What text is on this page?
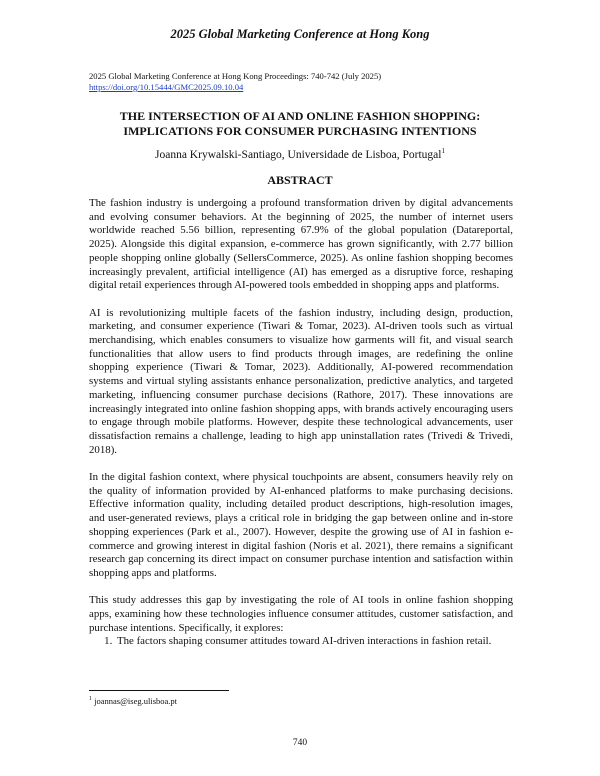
2025 Global Marketing Conference at Hong Kong
2025 Global Marketing Conference at Hong Kong Proceedings: 740-742 (July 2025)
https://doi.org/10.15444/GMC2025.09.10.04
THE INTERSECTION OF AI AND ONLINE FASHION SHOPPING:
IMPLICATIONS FOR CONSUMER PURCHASING INTENTIONS
Joanna Krywalski-Santiago, Universidade de Lisboa, Portugal$^1$
ABSTRACT

The fashion industry is undergoing a profound transformation driven by digital advancements and evolving consumer behaviors. At the beginning of 2025, the number of internet users worldwide reached 5.56 billion, representing 67.9% of the global population (Datareportal, 2025). Alongside this digital expansion, e-commerce has grown significantly, with 2.77 billion people shopping online globally (SellersCommerce, 2025). As online fashion shopping becomes increasingly prevalent, artificial intelligence (AI) has emerged as a disruptive force, reshaping digital retail experiences through AI-powered tools embedded in shopping apps and platforms.

AI is revolutionizing multiple facets of the fashion industry, including design, production, marketing, and consumer experience (Tiwari & Tomar, 2023). AI-driven tools such as virtual merchandising, which enables consumers to visualize how garments will fit, and visual search functionalities that allow users to find products through images, are redefining the online shopping experience (Tiwari & Tomar, 2023). Additionally, AI-powered recommendation systems and virtual styling assistants enhance personalization, predictive analytics, and targeted marketing, influencing consumer purchase decisions (Rathore, 2017). These innovations are increasingly integrated into online fashion shopping apps, with brands actively encouraging users to engage through mobile platforms. However, despite these technological advancements, user dissatisfaction remains a challenge, leading to high app uninstallation rates (Trivedi & Trivedi, 2018).

In the digital fashion context, where physical touchpoints are absent, consumers heavily rely on the quality of information provided by AI-enhanced platforms to make purchasing decisions. Effective information quality, including detailed product descriptions, high-resolution images, and user-generated reviews, plays a critical role in bridging the gap between online and in-store shopping experiences (Park et al., 2007). However, despite the growing use of AI in fashion e-commerce and growing interest in digital fashion (Noris et al. 2021), there remains a significant research gap concerning its direct impact on consumer purchase intention and satisfaction within shopping apps and platforms.

This study addresses this gap by investigating the role of AI tools in online fashion shopping apps, examining how these technologies influence consumer attitudes, customer satisfaction, and purchase intentions. Specifically, it explores:

1. The factors shaping consumer attitudes toward AI-driven interactions in fashion retail.
$^1$ joannas@iseg.ulisboa.pt
740
